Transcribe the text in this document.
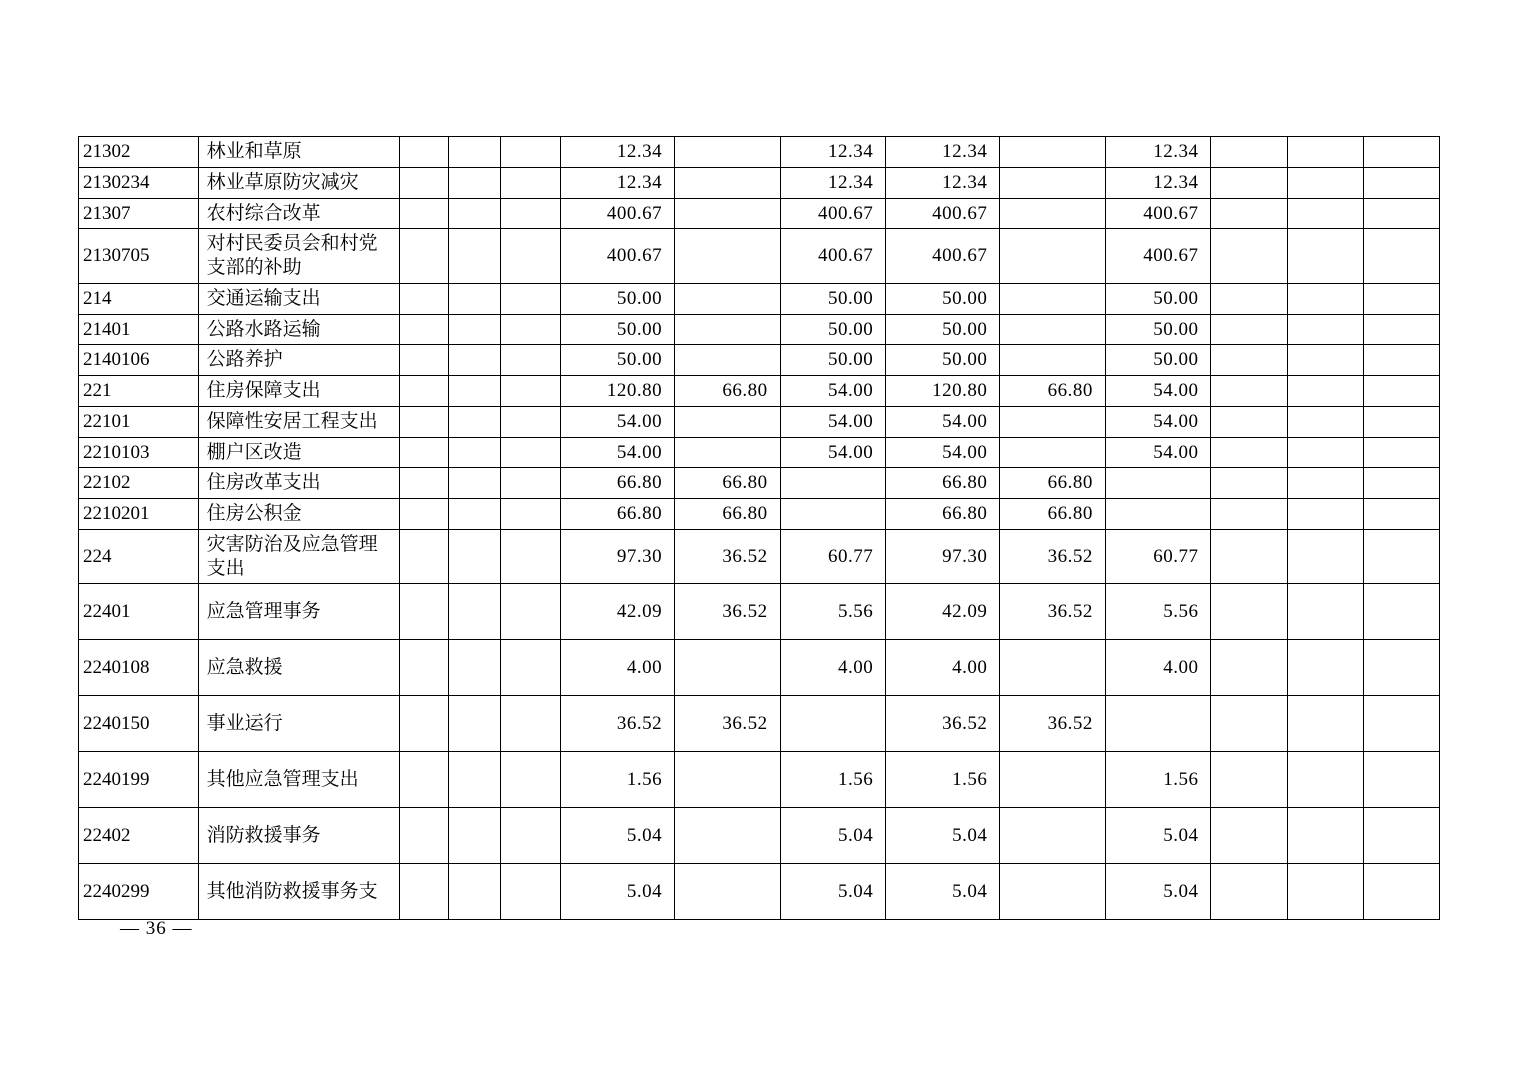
21302	林业和草原				12.34		12.34	12.34		12.34			
2130234	林业草原防灾减灾				12.34		12.34	12.34		12.34			
21307	农村综合改革				400.67		400.67	400.67		400.67			
2130705	对村民委员会和村党支部的补助				400.67		400.67	400.67		400.67			
214	交通运输支出				50.00		50.00	50.00		50.00			
21401	公路水路运输				50.00		50.00	50.00		50.00			
2140106	公路养护				50.00		50.00	50.00		50.00			
221	住房保障支出				120.80	66.80	54.00	120.80	66.80	54.00			
22101	保障性安居工程支出				54.00		54.00	54.00		54.00			
2210103	棚户区改造				54.00		54.00	54.00		54.00			
22102	住房改革支出				66.80	66.80		66.80	66.80				
2210201	住房公积金				66.80	66.80		66.80	66.80				
224	灾害防治及应急管理支出				97.30	36.52	60.77	97.30	36.52	60.77			
22401	应急管理事务				42.09	36.52	5.56	42.09	36.52	5.56			
2240108	应急救援				4.00		4.00	4.00		4.00			
2240150	事业运行				36.52	36.52		36.52	36.52				
2240199	其他应急管理支出				1.56		1.56	1.56		1.56			
22402	消防救援事务				5.04		5.04	5.04		5.04			
2240299	其他消防救援事务支				5.04		5.04	5.04		5.04			
— 36 —
